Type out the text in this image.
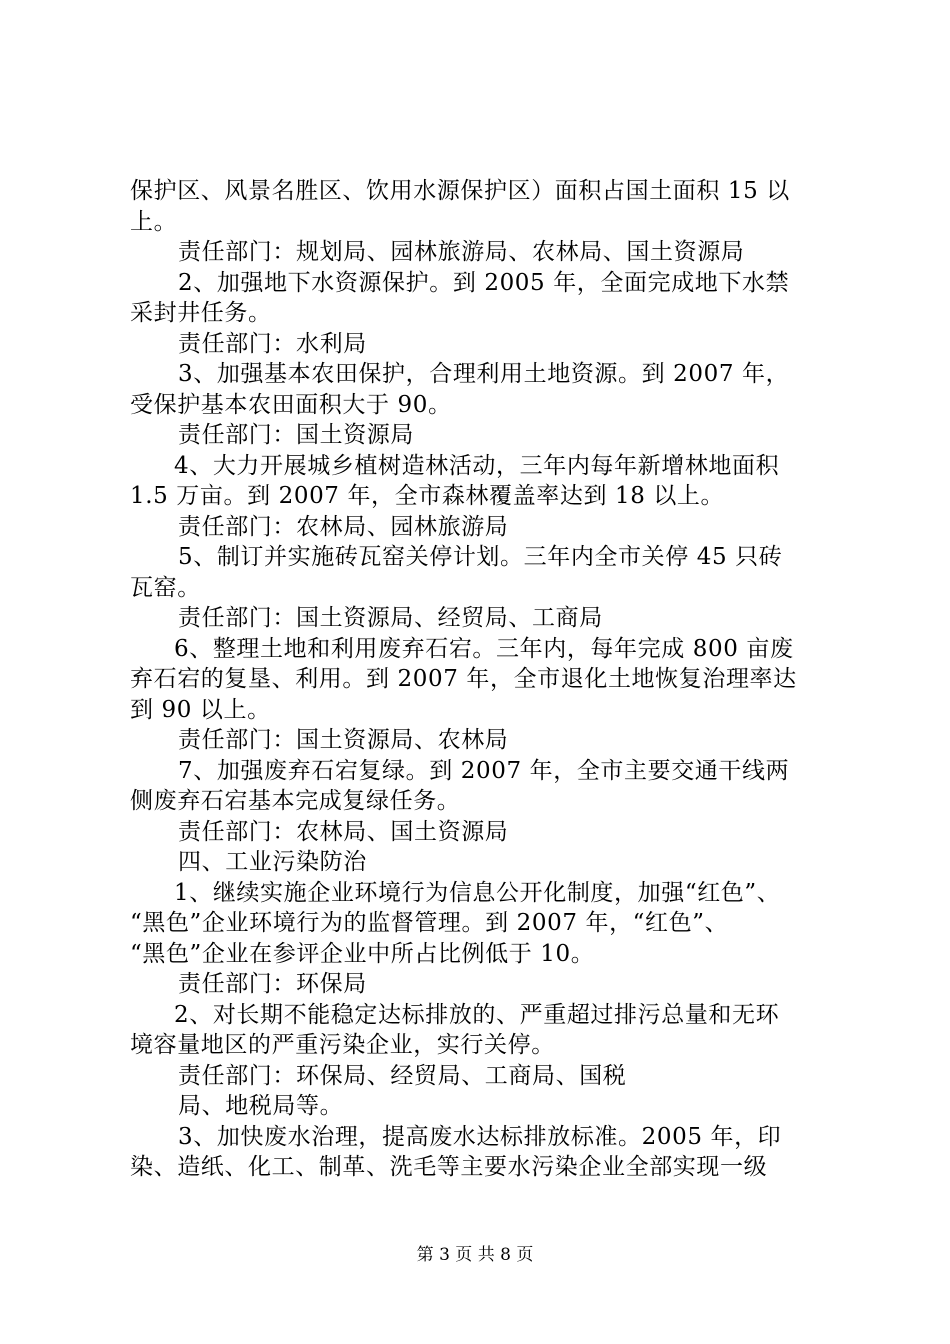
保护区、风景名胜区、饮用水源保护区）面积占国土面积 15 以
上。
责任部门：规划局、园林旅游局、农林局、国土资源局
2、加强地下水资源保护。到 2005 年，全面完成地下水禁
采封井任务。
责任部门：水利局
3、加强基本农田保护，合理利用土地资源。到 2007 年，
受保护基本农田面积大于 90。
责任部门：国土资源局
4、大力开展城乡植树造林活动，三年内每年新增林地面积
1.5 万亩。到 2007 年，全市森林覆盖率达到 18 以上。
责任部门：农林局、园林旅游局
5、制订并实施砖瓦窑关停计划。三年内全市关停 45 只砖
瓦窑。
责任部门：国土资源局、经贸局、工商局
6、整理土地和利用废弃石宕。三年内，每年完成 800 亩废
弃石宕的复垦、利用。到 2007 年，全市退化土地恢复治理率达
到 90 以上。
责任部门：国土资源局、农林局
7、加强废弃石宕复绿。到 2007 年，全市主要交通干线两
侧废弃石宕基本完成复绿任务。
责任部门：农林局、国土资源局
四、工业污染防治
1、继续实施企业环境行为信息公开化制度，加强“红色”、
“黑色”企业环境行为的监督管理。到 2007 年，“红色”、
“黑色”企业在参评企业中所占比例低于 10。
责任部门：环保局
2、对长期不能稳定达标排放的、严重超过排污总量和无环
境容量地区的严重污染企业，实行关停。
责任部门：环保局、经贸局、工商局、国税
局、地税局等。
3、加快废水治理，提高废水达标排放标准。2005 年，印
染、造纸、化工、制革、洗毛等主要水污染企业全部实现一级
第 3 页 共 8 页
